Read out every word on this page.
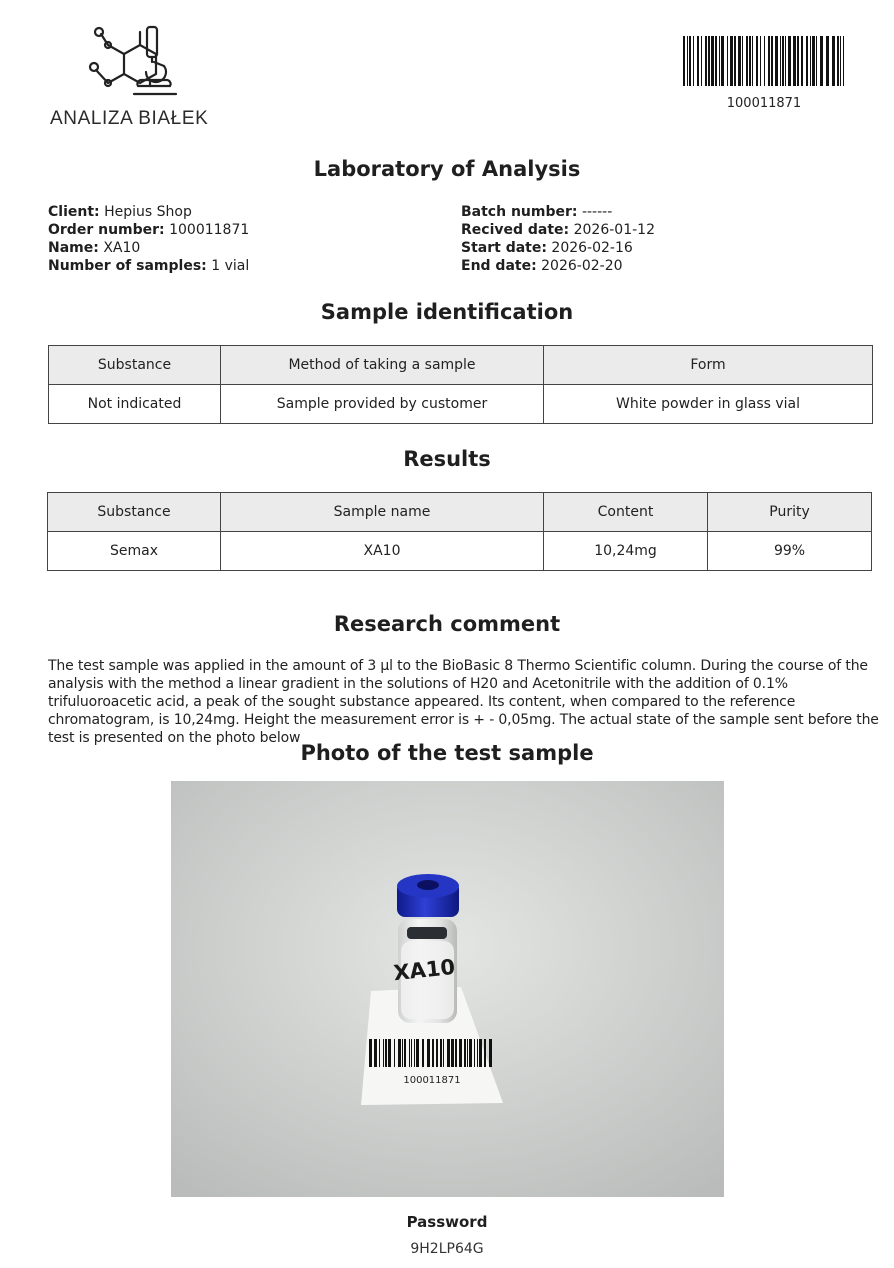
ANALIZA BIAŁEK
100011871
Laboratory of Analysis
Client: Hepius Shop
Order number: 100011871
Name: XA10
Number of samples: 1 vial
Batch number: ------
Recived date: 2026-01-12
Start date: 2026-02-16
End date: 2026-02-20
Sample identification
Substance	Method of taking a sample	Form
Not indicated	Sample provided by customer	White powder in glass vial
Results
Substance	Sample name	Content	Purity
Semax	XA10	10,24mg	99%
Research comment
The test sample was applied in the amount of 3 µl to the BioBasic 8 Thermo Scientific column. During the course of the analysis with the method a linear gradient in the solutions of H20 and Acetonitrile with the addition of 0.1% trifuluoroacetic acid, a peak of the sought substance appeared. Its content, when compared to the reference chromatogram, is 10,24mg. Height the measurement error is + - 0,05mg. The actual state of the sample sent before the test is presented on the photo below
Photo of the test sample
100011871
XA10
Password
9H2LP64G
